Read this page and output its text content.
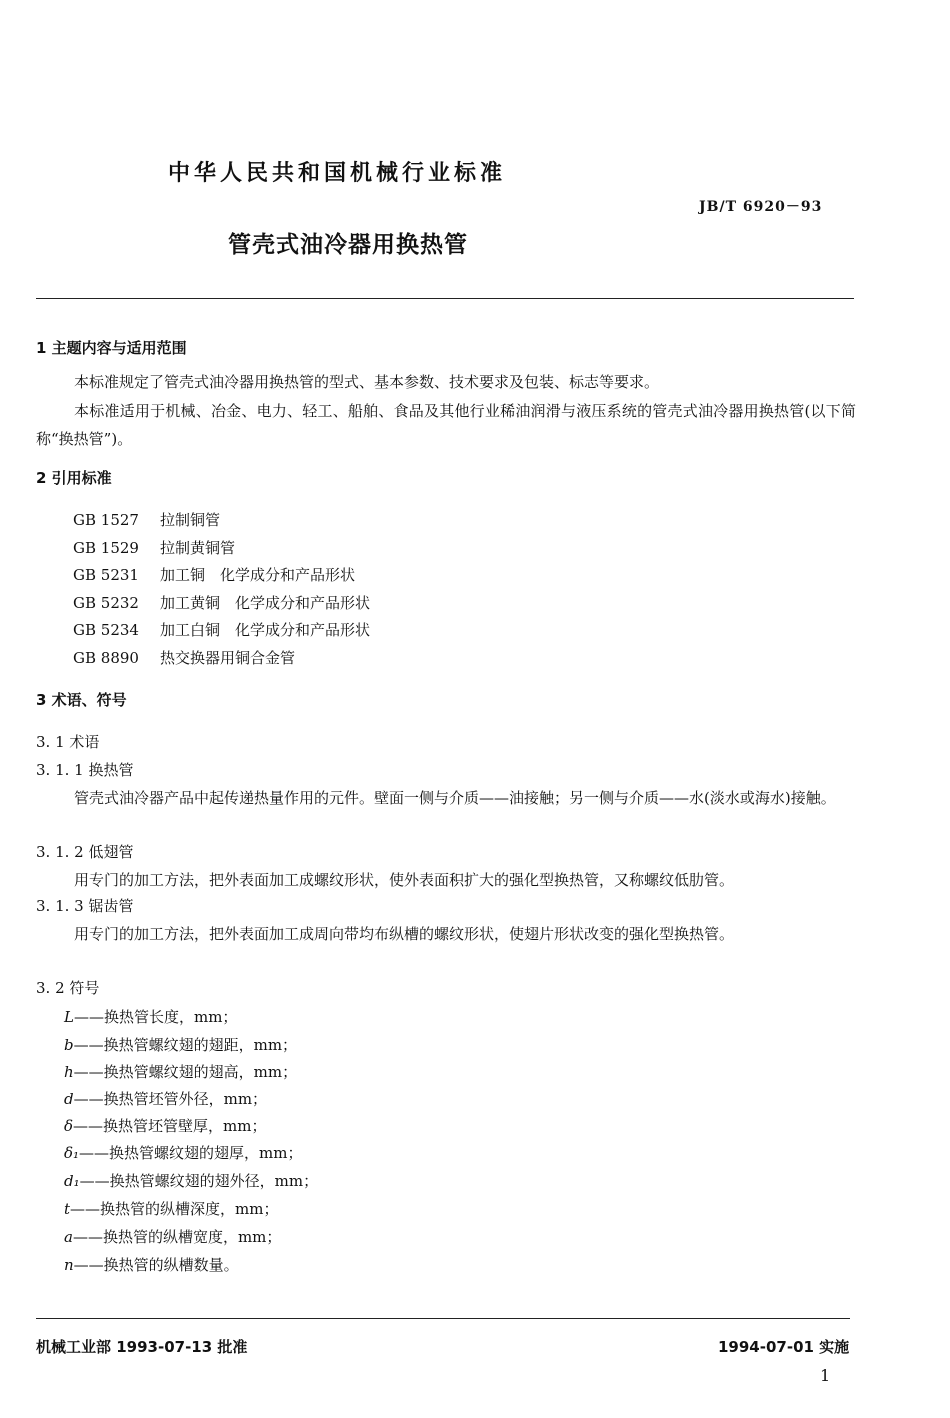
中华人民共和国机械行业标准
JB/T 6920－93
管壳式油冷器用换热管
1 主题内容与适用范围
本标准规定了管壳式油冷器用换热管的型式、基本参数、技术要求及包装、标志等要求。
本标准适用于机械、冶金、电力、轻工、船舶、食品及其他行业稀油润滑与液压系统的管壳式油冷器用换热管(以下简称“换热管”)。
2 引用标准
GB 1527 拉制铜管
GB 1529 拉制黄铜管
GB 5231 加工铜　化学成分和产品形状
GB 5232 加工黄铜　化学成分和产品形状
GB 5234 加工白铜　化学成分和产品形状
GB 8890 热交换器用铜合金管
3 术语、符号
3. 1 术语
3. 1. 1 换热管
管壳式油冷器产品中起传递热量作用的元件。壁面一侧与介质——油接触；另一侧与介质——水(淡水或海水)接触。
3. 1. 2 低翅管
用专门的加工方法，把外表面加工成螺纹形状，使外表面积扩大的强化型换热管，又称螺纹低肋管。
3. 1. 3 锯齿管
用专门的加工方法，把外表面加工成周向带均布纵槽的螺纹形状，使翅片形状改变的强化型换热管。
3. 2 符号
L——换热管长度，mm；
b——换热管螺纹翅的翅距，mm；
h——换热管螺纹翅的翅高，mm；
d——换热管坯管外径，mm；
δ——换热管坯管壁厚，mm；
δ₁——换热管螺纹翅的翅厚，mm；
d₁——换热管螺纹翅的翅外径，mm；
t——换热管的纵槽深度，mm；
a——换热管的纵槽宽度，mm；
n——换热管的纵槽数量。
机械工业部 1993-07-13 批准	1994-07-01 实施
1
